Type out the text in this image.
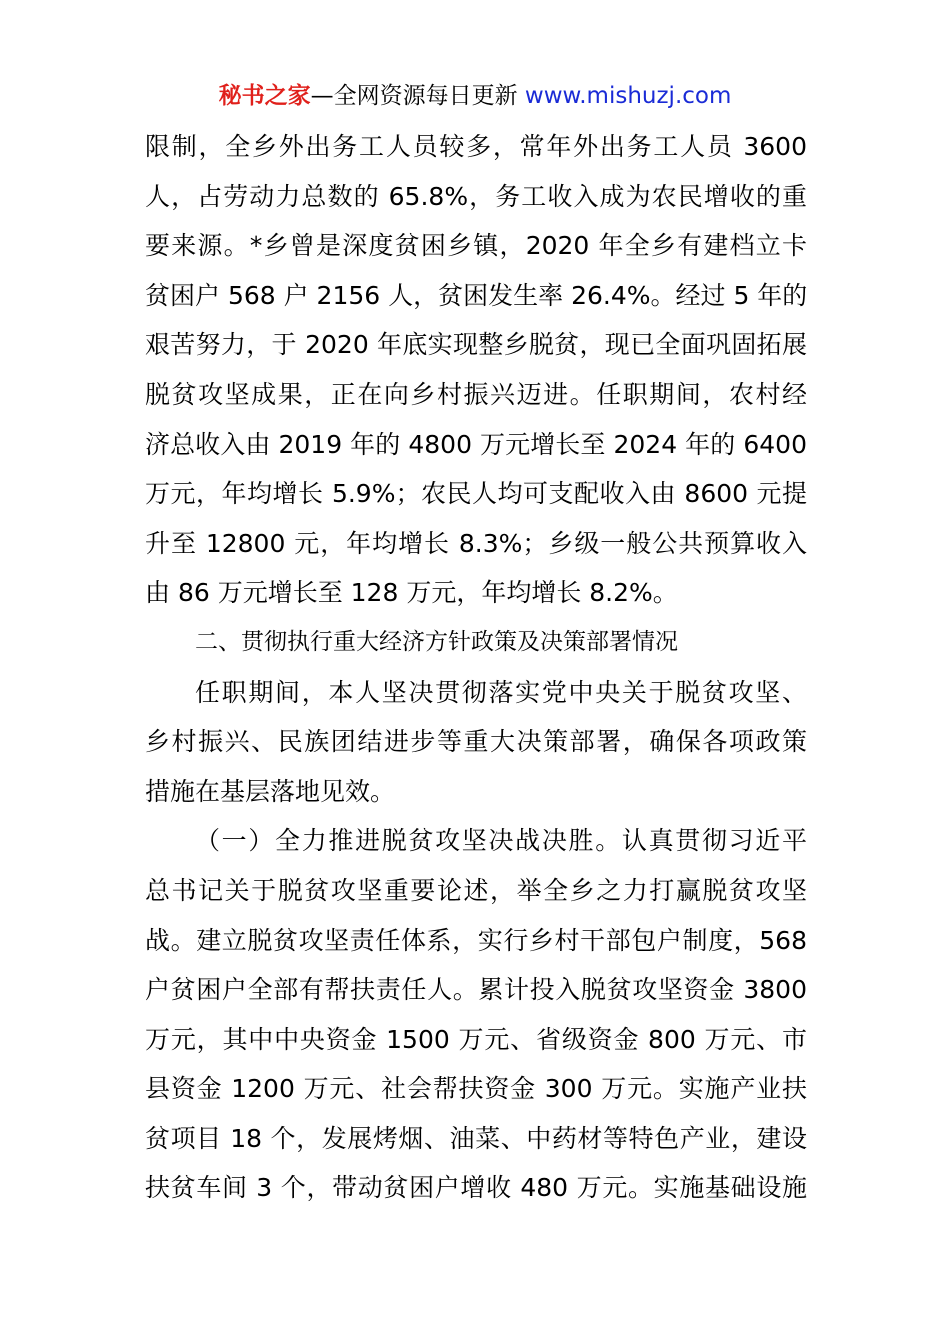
秘书之家—全网资源每日更新 www.mishuzj.com
限制，全乡外出务工人员较多，常年外出务工人员 3600
人，占劳动力总数的 65.8%，务工收入成为农民增收的重
要来源。*乡曾是深度贫困乡镇，2020 年全乡有建档立卡
贫困户 568 户 2156 人，贫困发生率 26.4%。经过 5 年的
艰苦努力，于 2020 年底实现整乡脱贫，现已全面巩固拓展
脱贫攻坚成果，正在向乡村振兴迈进。任职期间，农村经
济总收入由 2019 年的 4800 万元增长至 2024 年的 6400
万元，年均增长 5.9%；农民人均可支配收入由 8600 元提
升至 12800 元，年均增长 8.3%；乡级一般公共预算收入
由 86 万元增长至 128 万元，年均增长 8.2%。
二、贯彻执行重大经济方针政策及决策部署情况
任职期间，本人坚决贯彻落实党中央关于脱贫攻坚、
乡村振兴、民族团结进步等重大决策部署，确保各项政策
措施在基层落地见效。
（一）全力推进脱贫攻坚决战决胜。认真贯彻习近平
总书记关于脱贫攻坚重要论述，举全乡之力打赢脱贫攻坚
战。建立脱贫攻坚责任体系，实行乡村干部包户制度，568
户贫困户全部有帮扶责任人。累计投入脱贫攻坚资金 3800
万元，其中中央资金 1500 万元、省级资金 800 万元、市
县资金 1200 万元、社会帮扶资金 300 万元。实施产业扶
贫项目 18 个，发展烤烟、油菜、中药材等特色产业，建设
扶贫车间 3 个，带动贫困户增收 480 万元。实施基础设施
